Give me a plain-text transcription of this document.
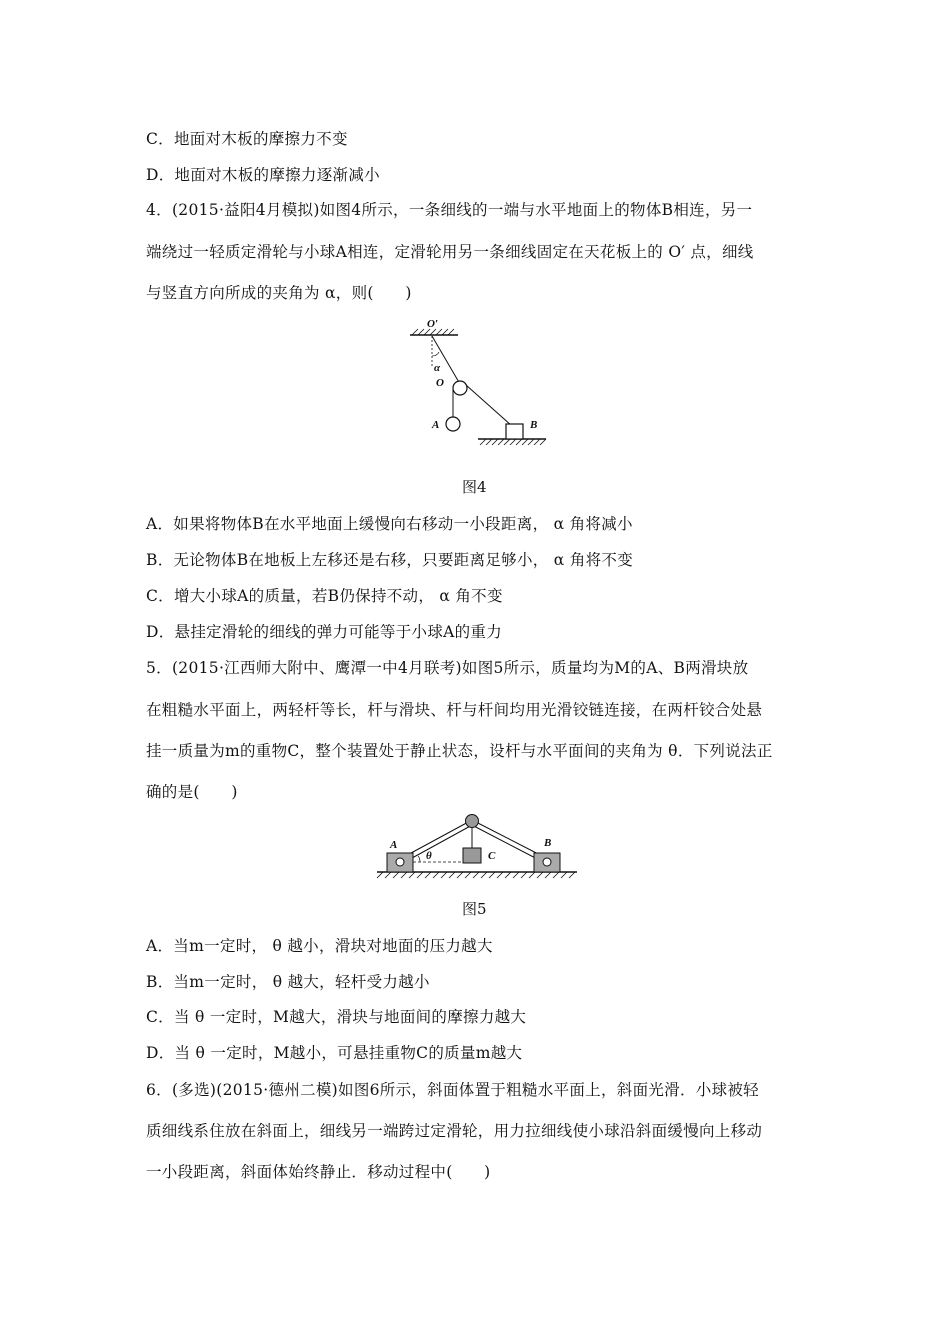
C．地面对木板的摩擦力不变
D．地面对木板的摩擦力逐渐减小
4．(2015·益阳4月模拟)如图4所示，一条细线的一端与水平地面上的物体B相连，另一
端绕过一轻质定滑轮与小球A相连，定滑轮用另一条细线固定在天花板上的 O′ 点，细线
与竖直方向所成的夹角为 α，则(　　)
O′
α
O
A	B
图4
A．如果将物体B在水平地面上缓慢向右移动一小段距离， α 角将减小
B．无论物体B在地板上左移还是右移，只要距离足够小， α 角将不变
C．增大小球A的质量，若B仍保持不动， α 角不变
D．悬挂定滑轮的细线的弹力可能等于小球A的重力
5．(2015·江西师大附中、鹰潭一中4月联考)如图5所示，质量均为M的A、B两滑块放
在粗糙水平面上，两轻杆等长，杆与滑块、杆与杆间均用光滑铰链连接，在两杆铰合处悬
挂一质量为m的重物C，整个装置处于静止状态，设杆与水平面间的夹角为 θ．下列说法正
确的是(　　)
C
A
θ
B
图5
A．当m一定时， θ 越小，滑块对地面的压力越大
B．当m一定时， θ 越大，轻杆受力越小
C．当 θ 一定时，M越大，滑块与地面间的摩擦力越大
D．当 θ 一定时，M越小，可悬挂重物C的质量m越大
6．(多选)(2015·德州二模)如图6所示，斜面体置于粗糙水平面上，斜面光滑．小球被轻
质细线系住放在斜面上，细线另一端跨过定滑轮，用力拉细线使小球沿斜面缓慢向上移动
一小段距离，斜面体始终静止．移动过程中(　　)
